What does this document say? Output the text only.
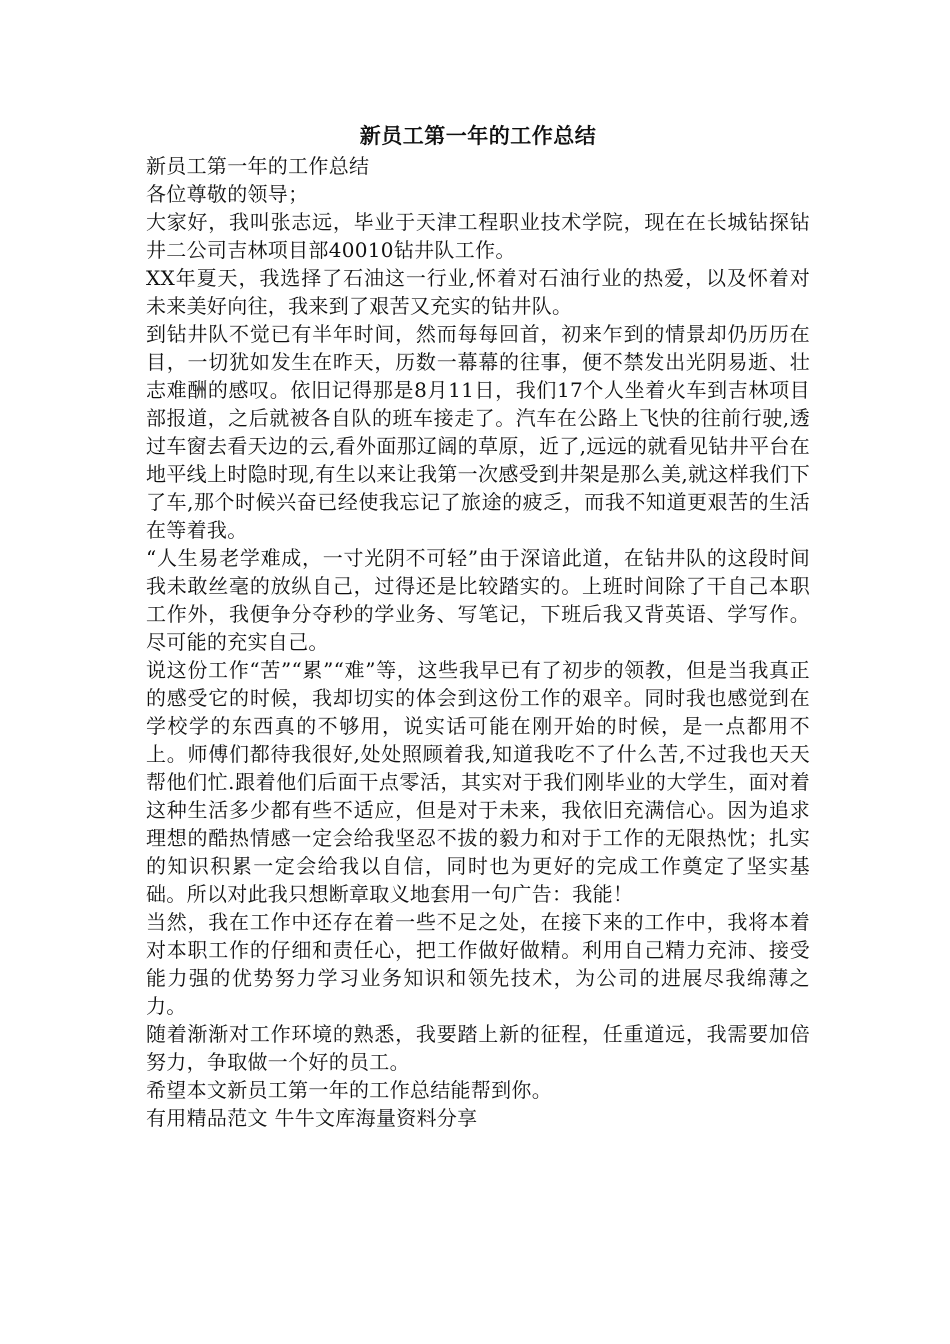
新员工第一年的工作总结

新员工第一年的工作总结

各位尊敬的领导；

大家好，我叫张志远，毕业于天津工程职业技术学院，现在在长城钻探钻井二公司吉林项目部40010钻井队工作。

XX年夏天，我选择了石油这一行业,怀着对石油行业的热爱，以及怀着对未来美好向往，我来到了艰苦又充实的钻井队。

到钻井队不觉已有半年时间，然而每每回首，初来乍到的情景却仍历历在目，一切犹如发生在昨天，历数一幕幕的往事，便不禁发出光阴易逝、壮志难酬的感叹。依旧记得那是8月11日，我们17个人坐着火车到吉林项目部报道，之后就被各自队的班车接走了。汽车在公路上飞快的往前行驶,透过车窗去看天边的云,看外面那辽阔的草原，近了,远远的就看见钻井平台在地平线上时隐时现,有生以来让我第一次感受到井架是那么美,就这样我们下了车,那个时候兴奋已经使我忘记了旅途的疲乏，而我不知道更艰苦的生活在等着我。

“人生易老学难成，一寸光阴不可轻”由于深谙此道，在钻井队的这段时间我未敢丝毫的放纵自己，过得还是比较踏实的。上班时间除了干自己本职工作外，我便争分夺秒的学业务、写笔记，下班后我又背英语、学写作。尽可能的充实自己。

说这份工作“苦”“累”“难”等，这些我早已有了初步的领教，但是当我真正的感受它的时候，我却切实的体会到这份工作的艰辛。同时我也感觉到在学校学的东西真的不够用，说实话可能在刚开始的时候，是一点都用不上。师傅们都待我很好,处处照顾着我,知道我吃不了什么苦,不过我也天天帮他们忙.跟着他们后面干点零活，其实对于我们刚毕业的大学生，面对着这种生活多少都有些不适应，但是对于未来，我依旧充满信心。因为追求理想的酷热情感一定会给我坚忍不拔的毅力和对于工作的无限热忱；扎实的知识积累一定会给我以自信，同时也为更好的完成工作奠定了坚实基础。所以对此我只想断章取义地套用一句广告：我能！

当然，我在工作中还存在着一些不足之处，在接下来的工作中，我将本着对本职工作的仔细和责任心，把工作做好做精。利用自己精力充沛、接受能力强的优势努力学习业务知识和领先技术，为公司的进展尽我绵薄之力。

随着渐渐对工作环境的熟悉，我要踏上新的征程，任重道远，我需要加倍努力，争取做一个好的员工。

希望本文新员工第一年的工作总结能帮到你。

有用精品范文 牛牛文库海量资料分享
